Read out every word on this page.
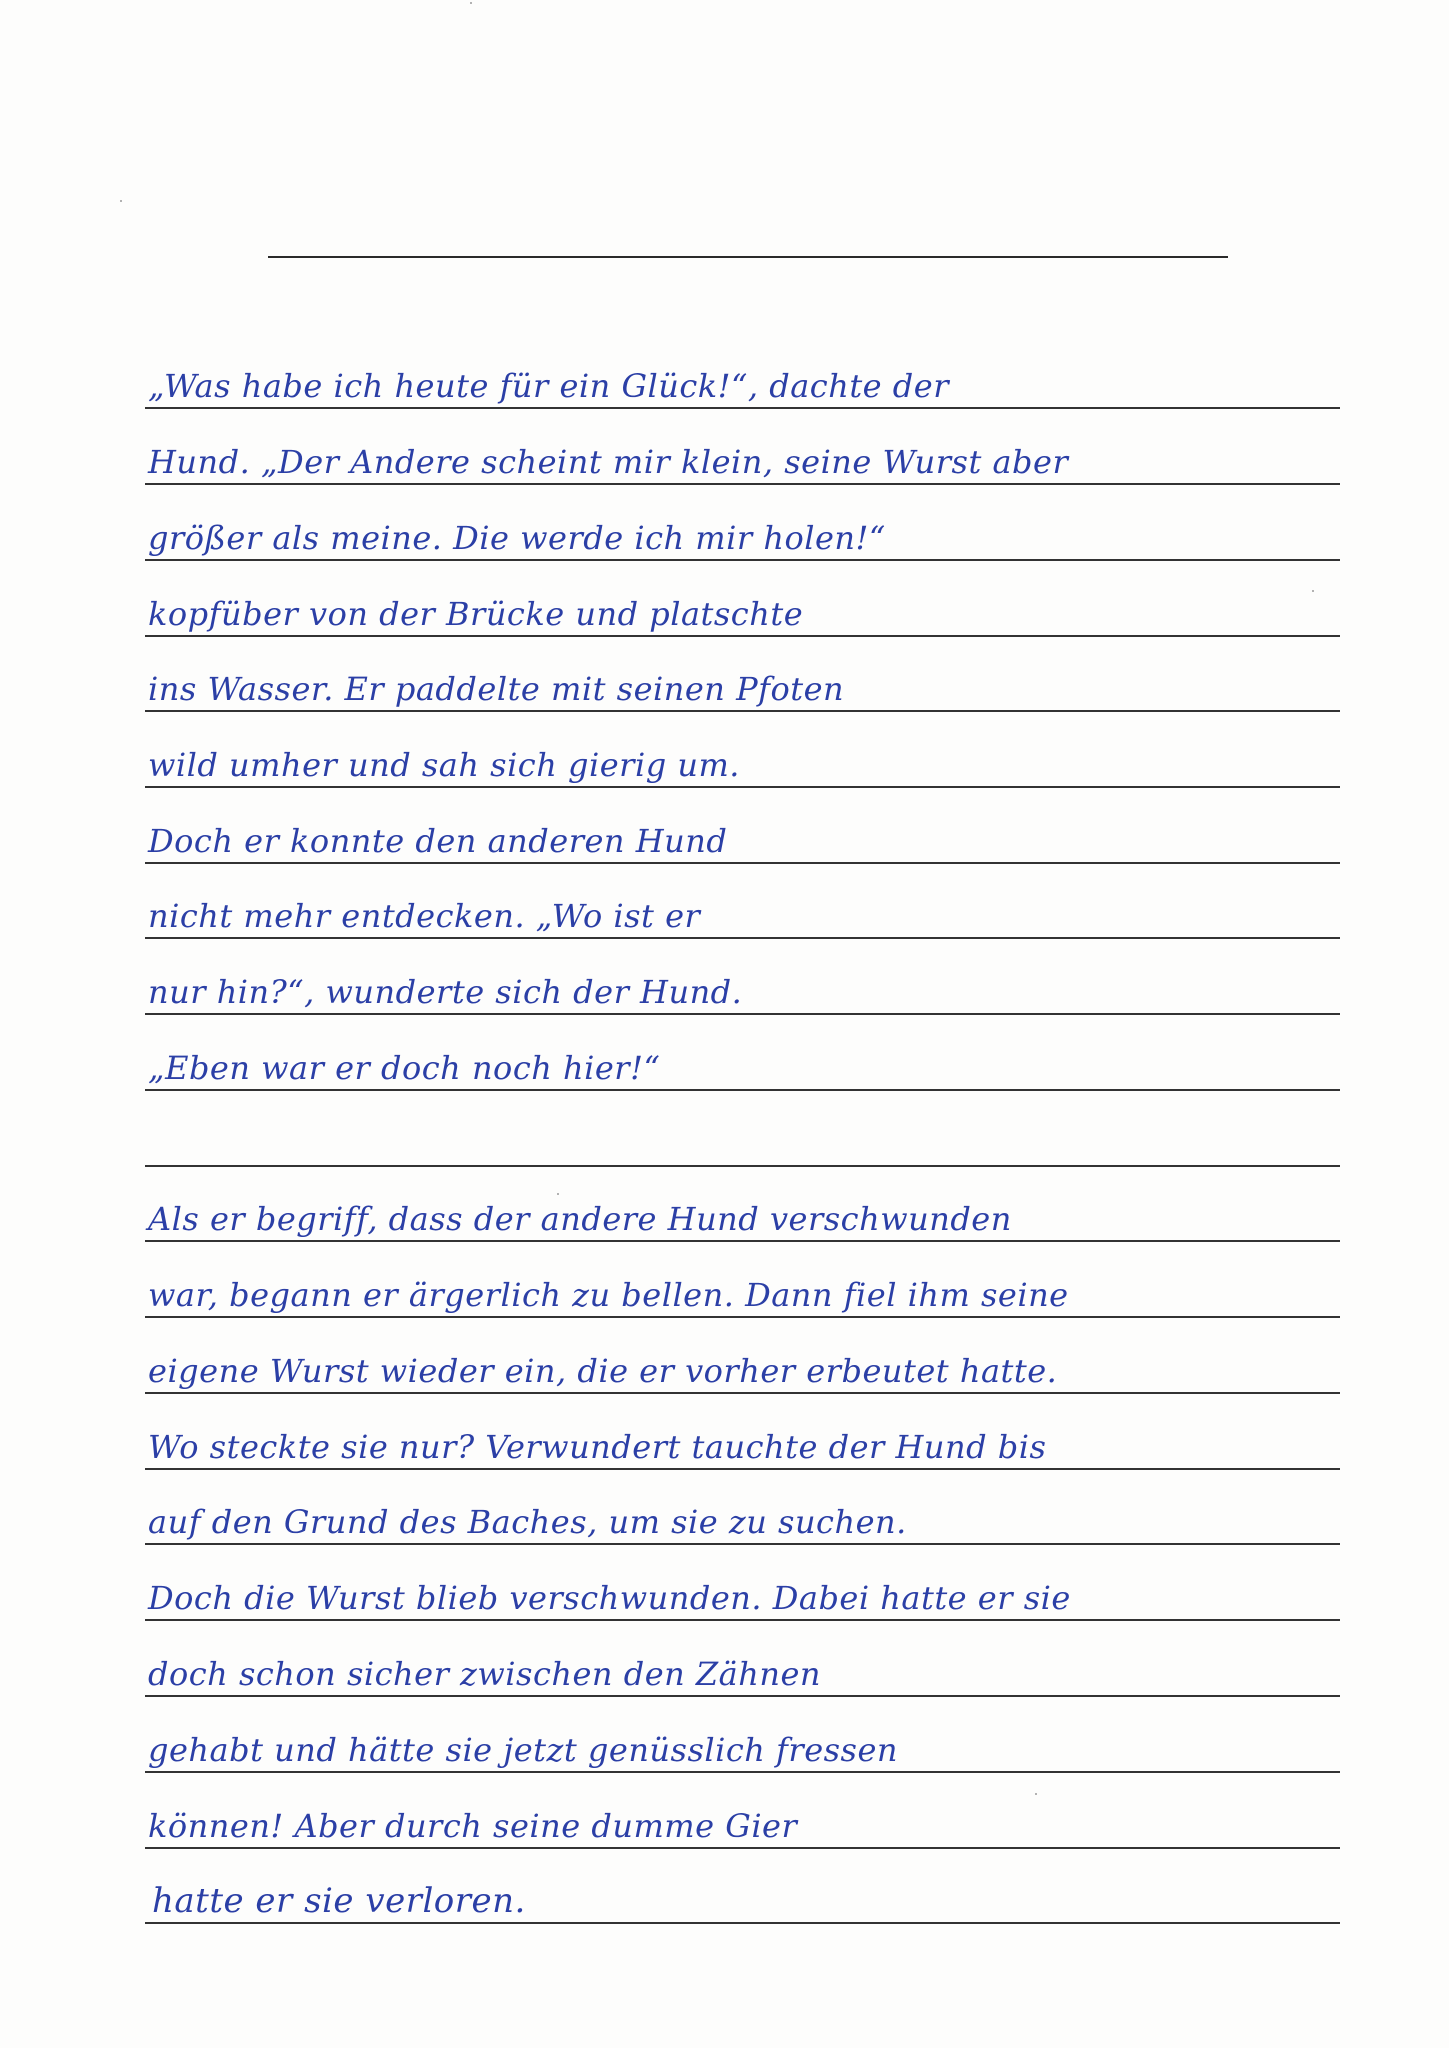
„Was habe ich heute für ein Glück!“, dachte der
Hund. „Der Andere scheint mir klein, seine Wurst aber
größer als meine. Die werde ich mir holen!“
kopfüber von der Brücke und platschte
ins Wasser. Er paddelte mit seinen Pfoten
wild umher und sah sich gierig um.
Doch er konnte den anderen Hund
nicht mehr entdecken. „Wo ist er
nur hin?“, wunderte sich der Hund.
„Eben war er doch noch hier!“
Als er begriff, dass der andere Hund verschwunden
war, begann er ärgerlich zu bellen. Dann fiel ihm seine
eigene Wurst wieder ein, die er vorher erbeutet hatte.
Wo steckte sie nur? Verwundert tauchte der Hund bis
auf den Grund des Baches, um sie zu suchen.
Doch die Wurst blieb verschwunden. Dabei hatte er sie
doch schon sicher zwischen den Zähnen
gehabt und hätte sie jetzt genüsslich fressen
können! Aber durch seine dumme Gier
hatte er sie verloren.
